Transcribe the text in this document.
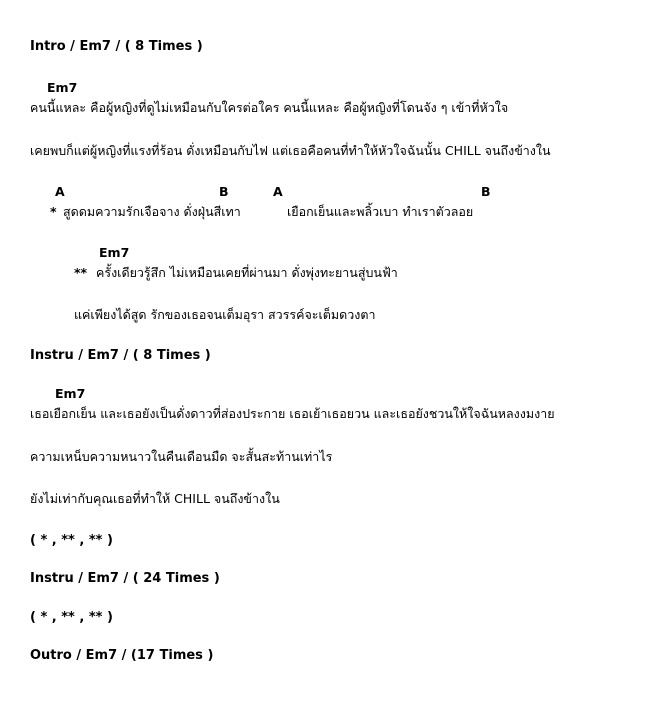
Intro / Em7 / ( 8 Times )
Em7
คนนี้แหละ คือผู้หญิงที่ดูไม่เหมือนกับใครต่อใคร คนนี้แหละ คือผู้หญิงที่โดนจัง ๆ เข้าที่หัวใจ
เคยพบก็แต่ผู้หญิงที่แรงที่ร้อน ดั่งเหมือนกับไฟ แต่เธอคือคนที่ทำให้หัวใจฉันนั้น CHILL จนถึงข้างใน
A	B	A	B
* สูดดมความรักเจือจาง ดั่งฝุ่นสีเทา	เยือกเย็นและพลิ้วเบา ทำเราตัวลอย
Em7
** ครั้งเดียวรู้สึก ไม่เหมือนเคยที่ผ่านมา ดั่งพุ่งทะยานสู่บนฟ้า
แค่เพียงได้สูด รักของเธอจนเต็มอุรา สวรรค์จะเต็มดวงตา
Instru / Em7 / ( 8 Times )
Em7
เธอเยือกเย็น และเธอยังเป็นดั่งดาวที่ส่องประกาย เธอเย้าเธอยวน และเธอยังชวนให้ใจฉันหลงงมงาย
ความเหน็บความหนาวในคืนเดือนมืด จะสั้นสะท้านเท่าไร
ยังไม่เท่ากับคุณเธอที่ทำให้ CHILL จนถึงข้างใน
( * , ** , ** )
Instru / Em7 / ( 24 Times )
( * , ** , ** )
Outro / Em7 / (17 Times )
